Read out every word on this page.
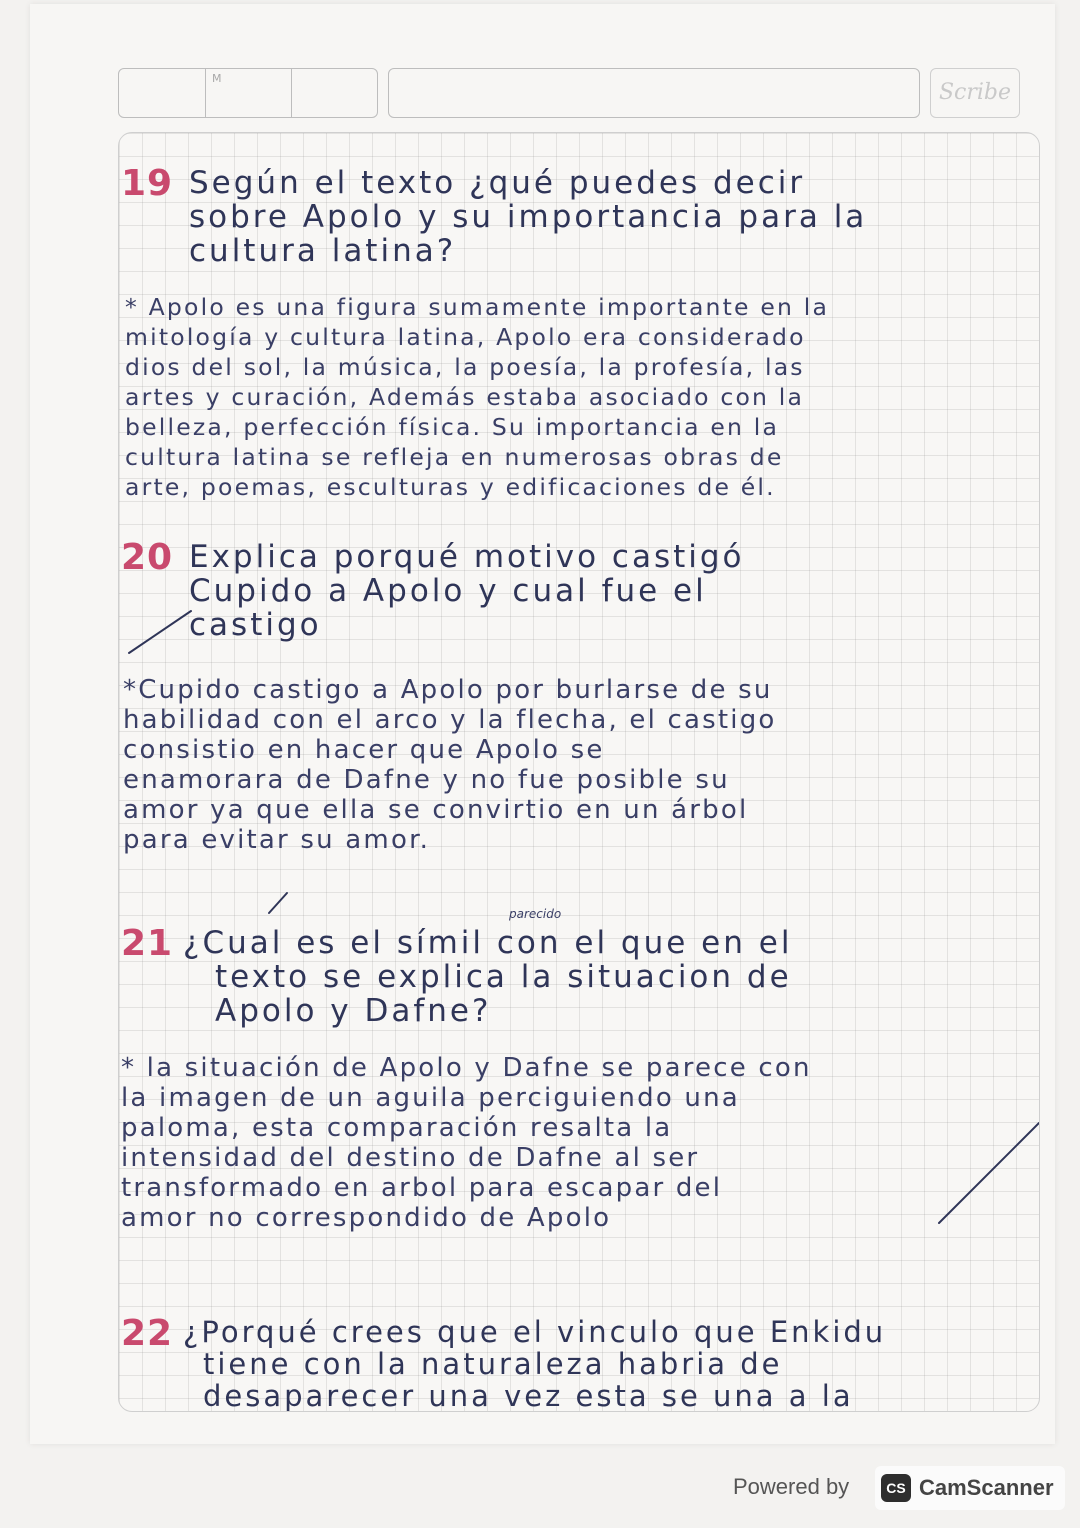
M
Scribe
19 Según el texto ¿qué puedes decir
sobre Apolo y su importancia para la
cultura latina?
* Apolo es una figura sumamente importante en la
mitología y cultura latina, Apolo era considerado
dios del sol, la música, la poesía, la profesía, las
artes y curación, Además estaba asociado con la
belleza, perfección física. Su importancia en la
cultura latina se refleja en numerosas obras de
arte, poemas, esculturas y edificaciones de él.
20 Explica porqué motivo castigó
Cupido a Apolo y cual fue el
castigo
*Cupido castigo a Apolo por burlarse de su
habilidad con el arco y la flecha, el castigo
consistio en hacer que Apolo se
enamorara de Dafne y no fue posible su
amor ya que ella se convirtio en un árbol
para evitar su amor.
parecido
21 ¿Cual es el símil con el que en el
texto se explica la situacion de
Apolo y Dafne?
* la situación de Apolo y Dafne se parece con
la imagen de un aguila perciguiendo una
paloma, esta comparación resalta la
intensidad del destino de Dafne al ser
transformado en arbol para escapar del
amor no correspondido de Apolo
22 ¿Porqué crees que el vinculo que Enkidu
tiene con la naturaleza habria de
desaparecer una vez esta se una a la
Powered by	CS CamScanner
